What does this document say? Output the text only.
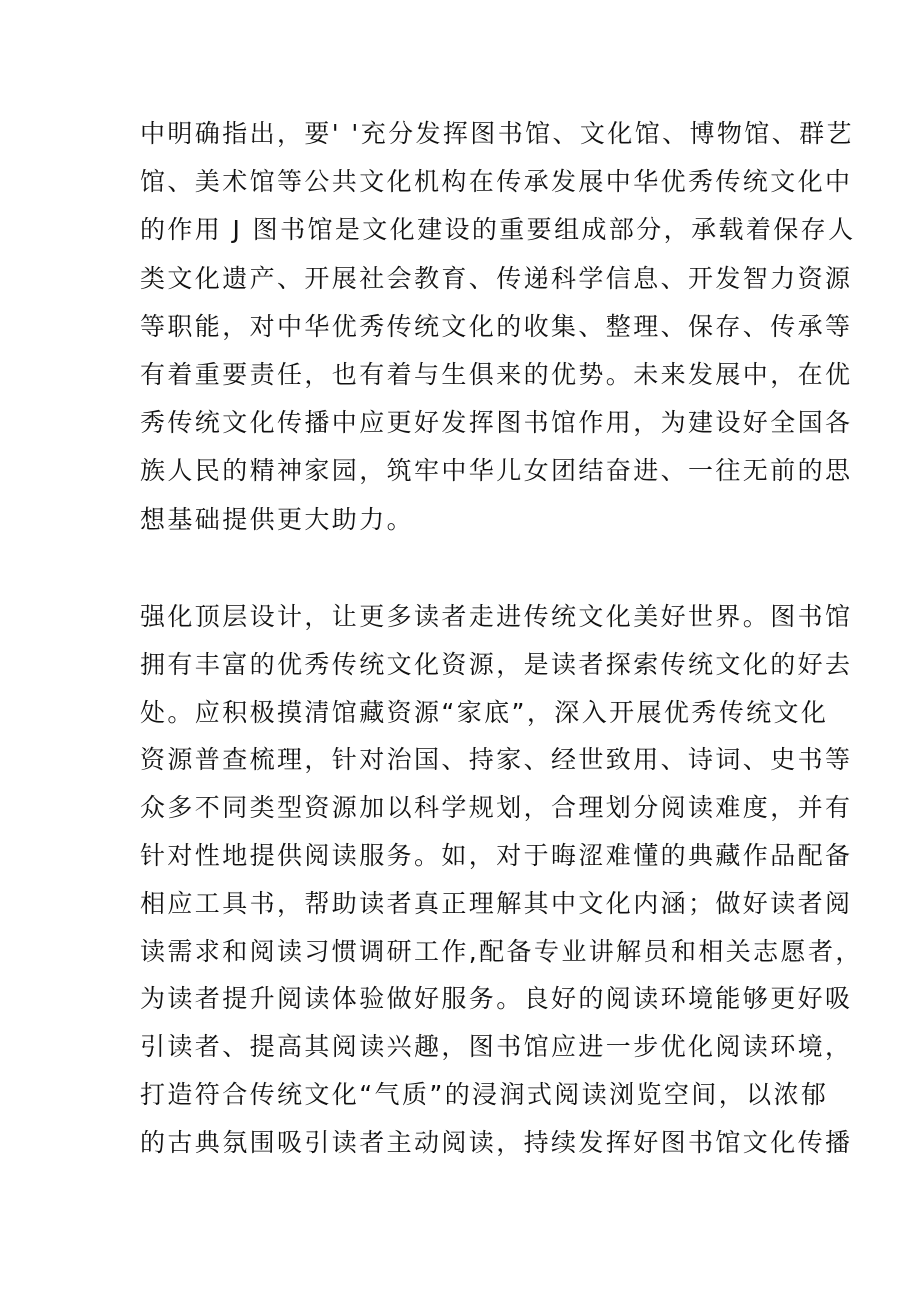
中明确指出，要' '充分发挥图书馆、文化馆、博物馆、群艺
馆、美术馆等公共文化机构在传承发展中华优秀传统文化中
的作用 J 图书馆是文化建设的重要组成部分，承载着保存人
类文化遗产、开展社会教育、传递科学信息、开发智力资源
等职能，对中华优秀传统文化的收集、整理、保存、传承等
有着重要责任，也有着与生俱来的优势。未来发展中，在优
秀传统文化传播中应更好发挥图书馆作用，为建设好全国各
族人民的精神家园，筑牢中华儿女团结奋进、一往无前的思
想基础提供更大助力。
强化顶层设计，让更多读者走进传统文化美好世界。图书馆
拥有丰富的优秀传统文化资源，是读者探索传统文化的好去
处。应积极摸清馆藏资源“家底”，深入开展优秀传统文化
资源普查梳理，针对治国、持家、经世致用、诗词、史书等
众多不同类型资源加以科学规划，合理划分阅读难度，并有
针对性地提供阅读服务。如，对于晦涩难懂的典藏作品配备
相应工具书，帮助读者真正理解其中文化内涵；做好读者阅
读需求和阅读习惯调研工作,配备专业讲解员和相关志愿者，
为读者提升阅读体验做好服务。良好的阅读环境能够更好吸
引读者、提高其阅读兴趣，图书馆应进一步优化阅读环境，
打造符合传统文化“气质”的浸润式阅读浏览空间，以浓郁
的古典氛围吸引读者主动阅读，持续发挥好图书馆文化传播
